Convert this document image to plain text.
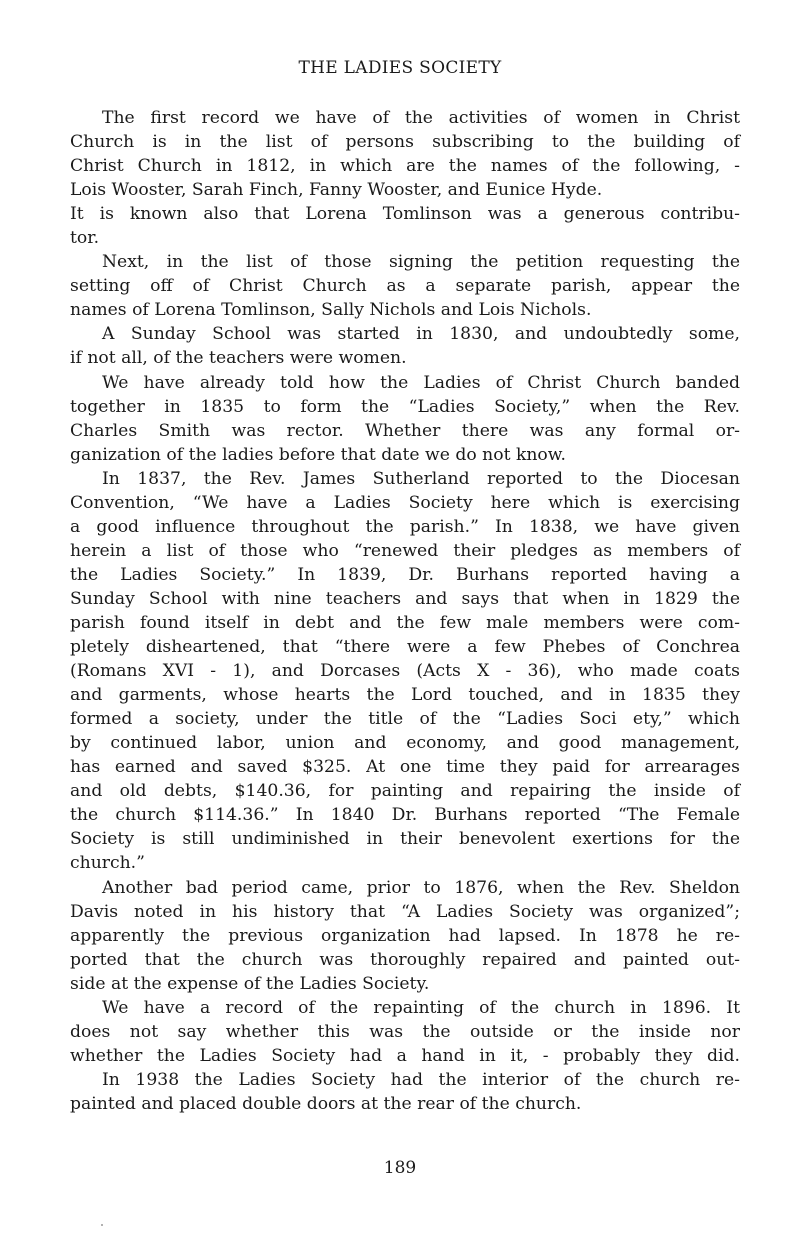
THE LADIES SOCIETY
The first record we have of the activities of women in Christ
Church is in the list of persons subscribing to the building of
Christ Church in 1812, in which are the names of the following, -
Lois Wooster, Sarah Finch, Fanny Wooster, and Eunice Hyde.
It is known also that Lorena Tomlinson was a generous contribu-
tor.
Next, in the list of those signing the petition requesting the
setting off of Christ Church as a separate parish, appear the
names of Lorena Tomlinson, Sally Nichols and Lois Nichols.
A Sunday School was started in 1830, and undoubtedly some,
if not all, of the teachers were women.
We have already told how the Ladies of Christ Church banded
together in 1835 to form the “Ladies Society,” when the Rev.
Charles Smith was rector. Whether there was any formal or-
ganization of the ladies before that date we do not know.
In 1837, the Rev. James Sutherland reported to the Diocesan
Convention, “We have a Ladies Society here which is exercising
a good influence throughout the parish.” In 1838, we have given
herein a list of those who “renewed their pledges as members of
the Ladies Society.” In 1839, Dr. Burhans reported having a
Sunday School with nine teachers and says that when in 1829 the
parish found itself in debt and the few male members were com-
pletely disheartened, that “there were a few Phebes of Conchrea
(Romans XVI - 1), and Dorcases (Acts X - 36), who made coats
and garments, whose hearts the Lord touched, and in 1835 they
formed a society, under the title of the “Ladies Soci ety,” which
by continued labor, union and economy, and good management,
has earned and saved $325. At one time they paid for arrearages
and old debts, $140.36, for painting and repairing the inside of
the church $114.36.” In 1840 Dr. Burhans reported “The Female
Society is still undiminished in their benevolent exertions for the
church.”
Another bad period came, prior to 1876, when the Rev. Sheldon
Davis noted in his history that “A Ladies Society was organized”;
apparently the previous organization had lapsed. In 1878 he re-
ported that the church was thoroughly repaired and painted out-
side at the expense of the Ladies Society.
We have a record of the repainting of the church in 1896. It
does not say whether this was the outside or the inside nor
whether the Ladies Society had a hand in it, - probably they did.
In 1938 the Ladies Society had the interior of the church re-
painted and placed double doors at the rear of the church.
189
